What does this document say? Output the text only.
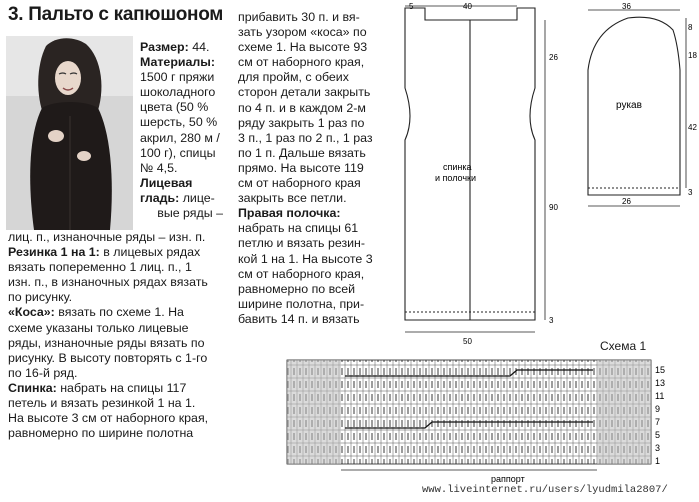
3. Пальто с капюшоном

Размер: 44.

Материалы:

1500 г пряжи

шоколадного

цвета (50 %

шерсть, 50 %

акрил, 280 м /

100 г), спицы

№ 4,5.

Лицевая

гладь: лице-

вые ряды –

лиц. п., изнаночные ряды – изн. п.

Резинка 1 на 1: в лицевых рядах

вязать попеременно 1 лиц. п., 1

изн. п., в изнаночных рядах вязать

по рисунку.

«Коса»: вязать по схеме 1. На

схеме указаны только лицевые

ряды, изнаночные ряды вязать по

рисунку. В высоту повторять с 1-го

по 16-й ряд.

Спинка: набрать на спицы 117

петель и вязать резинкой 1 на 1.

На высоте 3 см от наборного края,

равномерно по ширине полотна

прибавить 30 п. и вя-

зать узором «коса» по

схеме 1. На высоте 93

см от наборного края,

для пройм, с обеих

сторон детали закрыть

по 4 п. и в каждом 2-м

ряду закрыть 1 раз по

3 п., 1 раз по 2 п., 1 раз

по 1 п. Дальше вязать

прямо. На высоте 119

см от наборного края

закрыть все петли.

Правая полочка:

набрать на спицы 61

петлю и вязать резин-

кой 1 на 1. На высоте 3

см от наборного края,

равномерно по всей

ширине полотна, при-

бавить 14 п. и вязать

5	40
26
90
3
50
спинка
и полочки
36
8
18
42
26
3
рукав
Схема 1
раппорт
15
13
11
9
7
5
3
1
www.liveinternet.ru/users/lyudmila2807/
